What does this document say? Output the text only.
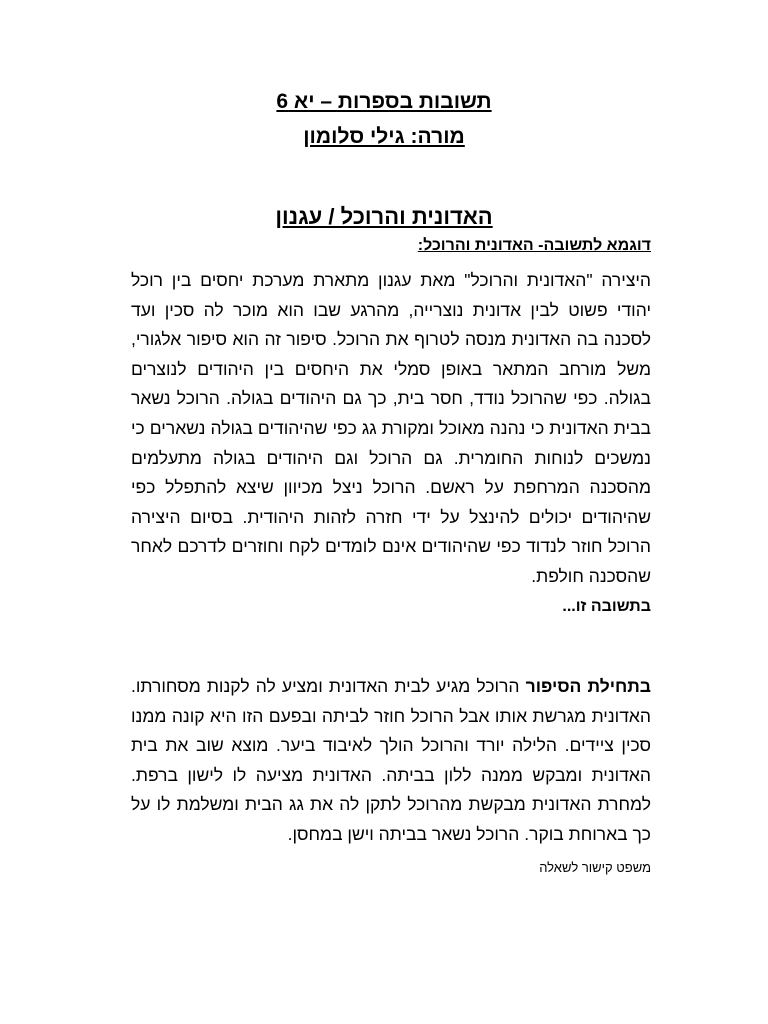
תשובות בספרות – יא 6
מורה: גילי סלומון
האדונית והרוכל / עגנון
דוגמא לתשובה- האדונית והרוכל:
היצירה "האדונית והרוכל" מאת עגנון מתארת מערכת יחסים בין רוכל יהודי פשוט לבין אדונית נוצרייה, מהרגע שבו הוא מוכר לה סכין ועד לסכנה בה האדונית מנסה לטרוף את הרוכל. סיפור זה הוא סיפור אלגורי, משל מורחב המתאר באופן סמלי את היחסים בין היהודים לנוצרים בגולה. כפי שהרוכל נודד, חסר בית, כך גם היהודים בגולה. הרוכל נשאר בבית האדונית כי נהנה מאוכל ומקורת גג כפי שהיהודים בגולה נשארים כי נמשכים לנוחות החומרית. גם הרוכל וגם היהודים בגולה מתעלמים מהסכנה המרחפת על ראשם. הרוכל ניצל מכיוון שיצא להתפלל כפי שהיהודים יכולים להינצל על ידי חזרה לזהות היהודית. בסיום היצירה הרוכל חוזר לנדוד כפי שהיהודים אינם לומדים לקח וחוזרים לדרכם לאחר שהסכנה חולפת.
בתשובה זו...
בתחילת הסיפור הרוכל מגיע לבית האדונית ומציע לה לקנות מסחורתו. האדונית מגרשת אותו אבל הרוכל חוזר לביתה ובפעם הזו היא קונה ממנו סכין ציידים. הלילה יורד והרוכל הולך לאיבוד ביער. מוצא שוב את בית האדונית ומבקש ממנה ללון בביתה. האדונית מציעה לו לישון ברפת. למחרת האדונית מבקשת מהרוכל לתקן לה את גג הבית ומשלמת לו על כך בארוחת בוקר. הרוכל נשאר בביתה וישן במחסן.
משפט קישור לשאלה
